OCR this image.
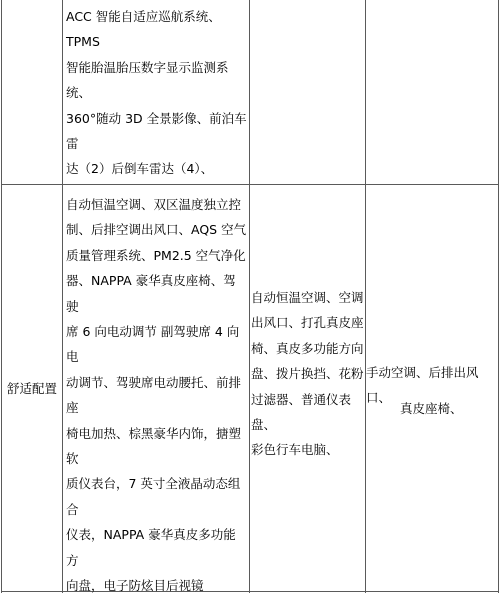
ACC 智能自适应巡航系统、TPMS
智能胎温胎压数字显示监测系统、
360°随动 3D 全景影像、前泊车雷
达（2）后倒车雷达（4）、

舒适配置

自动恒温空调、双区温度独立控
制、后排空调出风口、AQS 空气
质量管理系统、PM2.5 空气净化
器、NAPPA 豪华真皮座椅、驾驶
席 6 向电动调节 副驾驶席 4 向电
动调节、驾驶席电动腰托、前排座
椅电加热、棕黑豪华内饰，搪塑软
质仪表台，7 英寸全液晶动态组合
仪表，NAPPA 豪华真皮多功能方
向盘，电子防炫目后视镜

自动恒温空调、空调
出风口、打孔真皮座
椅、真皮多功能方向
盘、拨片换挡、花粉
过滤器、普通仪表盘、
彩色行车电脑、

手动空调、后排出风口、

真皮座椅、
